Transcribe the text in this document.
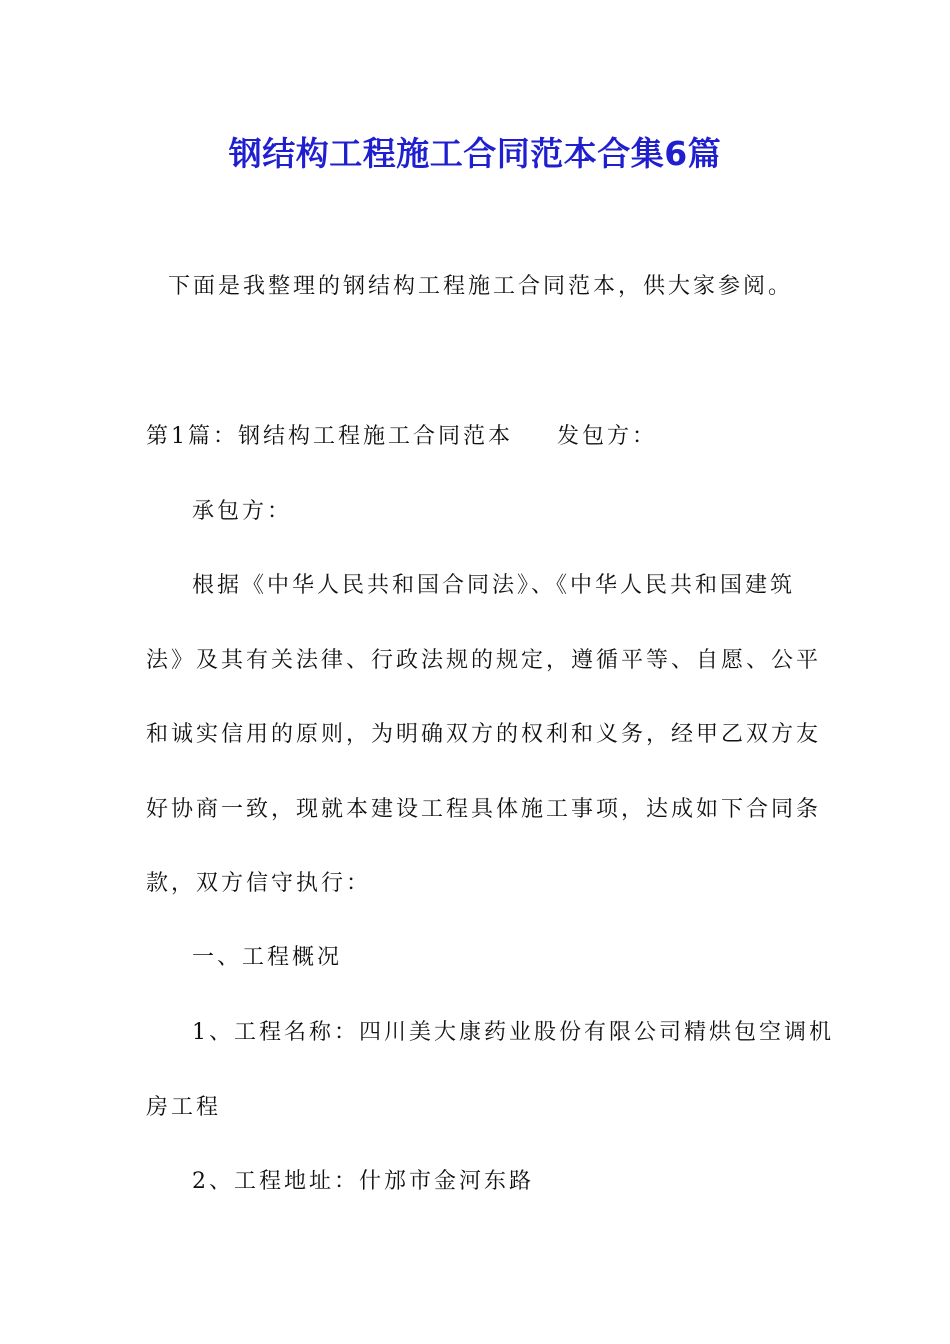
钢结构工程施工合同范本合集6篇
下面是我整理的钢结构工程施工合同范本，供大家参阅。
第1篇：钢结构工程施工合同范本 发包方：
承包方：
根据《中华人民共和国合同法》、《中华人民共和国建筑
法》及其有关法律、行政法规的规定，遵循平等、自愿、公平
和诚实信用的原则，为明确双方的权利和义务，经甲乙双方友
好协商一致，现就本建设工程具体施工事项，达成如下合同条
款，双方信守执行：
一、工程概况
1、工程名称：四川美大康药业股份有限公司精烘包空调机
房工程
2、工程地址：什邡市金河东路
